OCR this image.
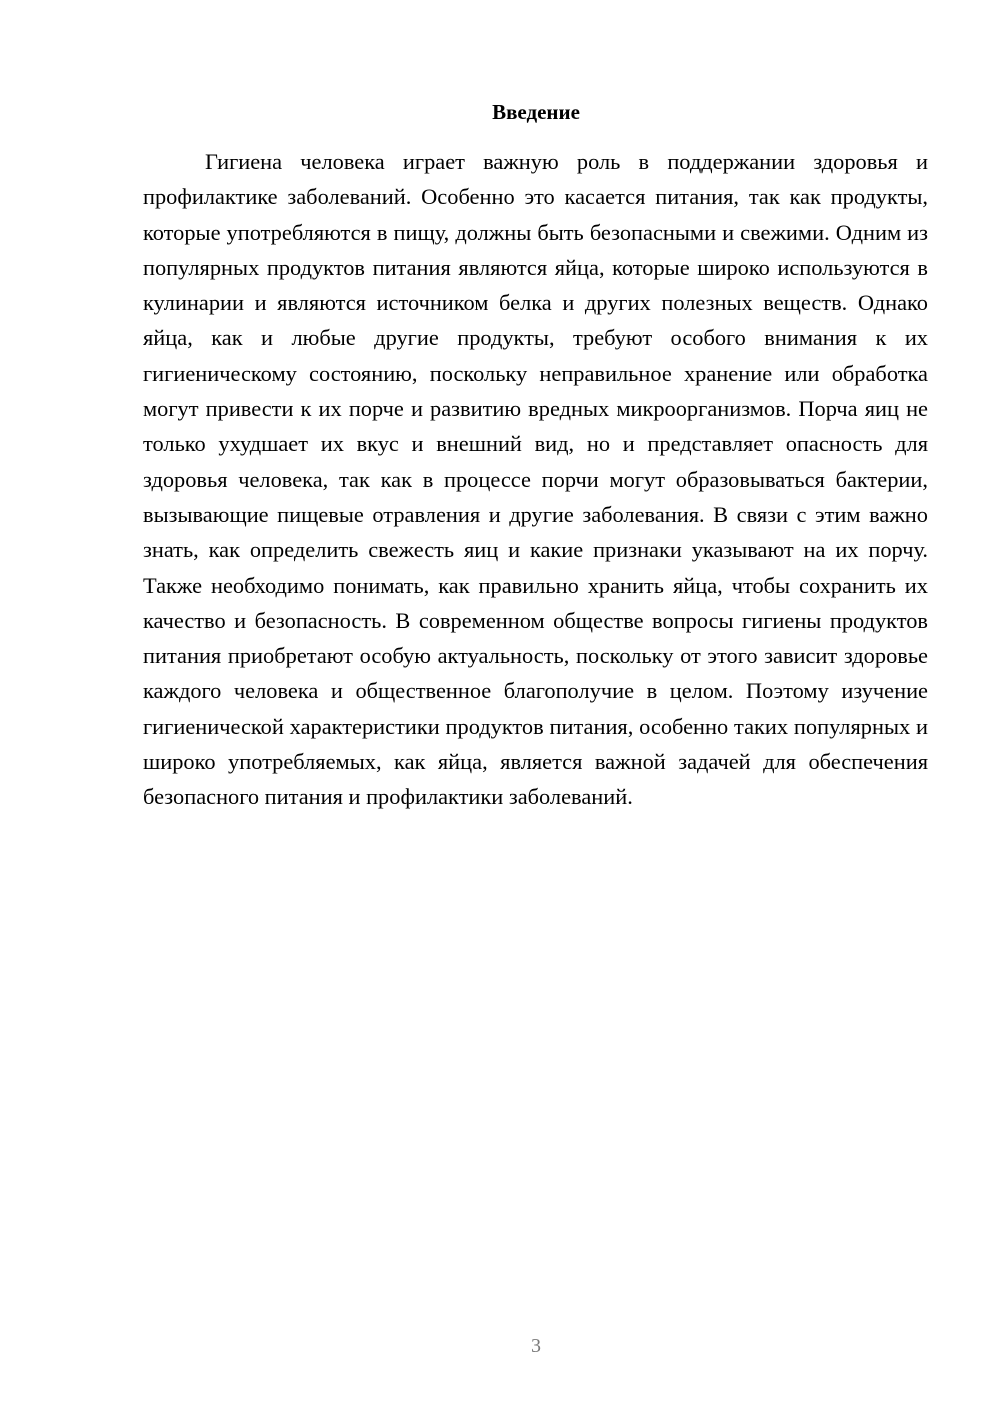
Введение

Гигиена человека играет важную роль в поддержании здоровья и профилактике заболеваний. Особенно это касается питания, так как продукты, которые употребляются в пищу, должны быть безопасными и свежими. Одним из популярных продуктов питания являются яйца, которые широко используются в кулинарии и являются источником белка и других полезных веществ. Однако яйца, как и любые другие продукты, требуют особого внимания к их гигиеническому состоянию, поскольку неправильное хранение или обработка могут привести к их порче и развитию вредных микроорганизмов. Порча яиц не только ухудшает их вкус и внешний вид, но и представляет опасность для здоровья человека, так как в процессе порчи могут образовываться бактерии, вызывающие пищевые отравления и другие заболевания. В связи с этим важно знать, как определить свежесть яиц и какие признаки указывают на их порчу. Также необходимо понимать, как правильно хранить яйца, чтобы сохранить их качество и безопасность. В современном обществе вопросы гигиены продуктов питания приобретают особую актуальность, поскольку от этого зависит здоровье каждого человека и общественное благополучие в целом. Поэтому изучение гигиенической характеристики продуктов питания, особенно таких популярных и широко употребляемых, как яйца, является важной задачей для обеспечения безопасного питания и профилактики заболеваний.

3
